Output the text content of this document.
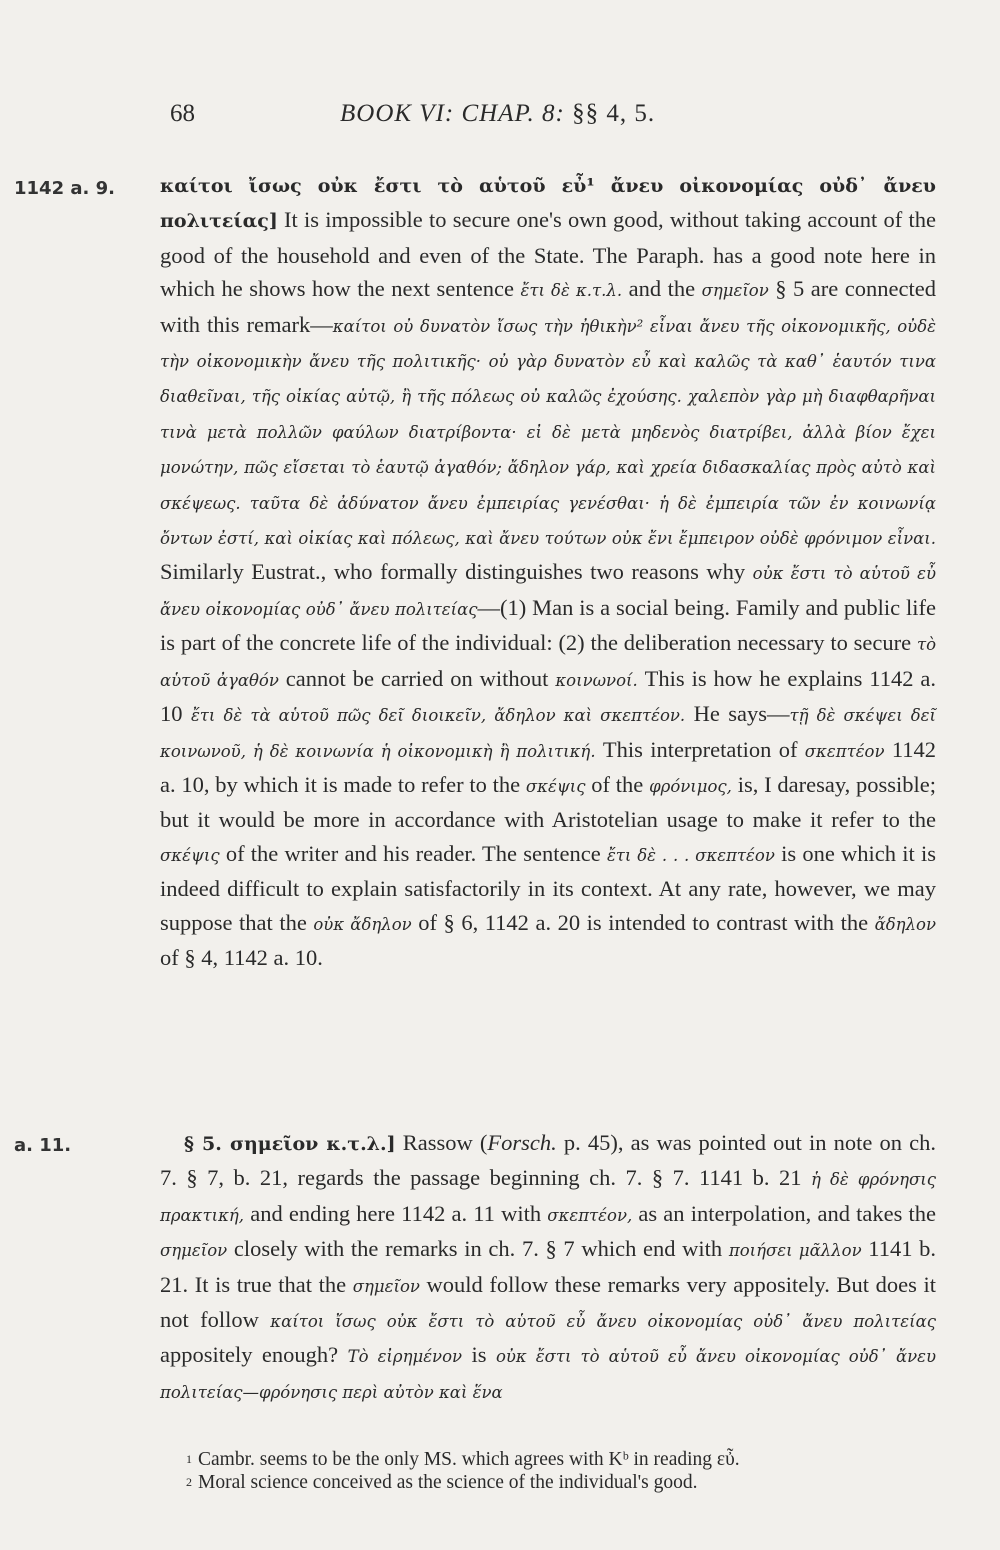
68	BOOK VI: CHAP. 8: §§ 4, 5.
1142 a. 9. καίτοι ἴσως οὐκ ἔστι τὸ αὑτοῦ εὖ¹ ἄνευ οἰκονομίας οὐδ᾽ ἄνευ πολιτείας] It is impossible to secure one's own good, without taking account of the good of the household and even of the State. The Paraph. has a good note here in which he shows how the next sentence ἔτι δὲ κ.τ.λ. and the σημεῖον § 5 are connected with this remark—καίτοι οὐ δυνατὸν ἴσως τὴν ἠθικὴν² εἶναι ἄνευ τῆς οἰκονομικῆς, οὐδὲ τὴν οἰκονομικὴν ἄνευ τῆς πολιτικῆς· οὐ γὰρ δυνατὸν εὖ καὶ καλῶς τὰ καθ᾽ ἑαυτόν τινα διαθεῖναι, τῆς οἰκίας αὐτῷ, ἢ τῆς πόλεως οὐ καλῶς ἐχούσης. χαλεπὸν γὰρ μὴ διαφθαρῆναι τινὰ μετὰ πολλῶν φαύλων διατρίβοντα· εἰ δὲ μετὰ μηδενὸς διατρίβει, ἀλλὰ βίον ἔχει μονώτην, πῶς εἴσεται τὸ ἑαυτῷ ἀγαθόν; ἄδηλον γάρ, καὶ χρεία διδασκαλίας πρὸς αὐτὸ καὶ σκέψεως. ταῦτα δὲ ἀδύνατον ἄνευ ἐμπειρίας γενέσθαι· ἡ δὲ ἐμπειρία τῶν ἐν κοινωνίᾳ ὄντων ἐστί, καὶ οἰκίας καὶ πόλεως, καὶ ἄνευ τούτων οὐκ ἔνι ἔμπειρον οὐδὲ φρόνιμον εἶναι. Similarly Eustrat., who formally distinguishes two reasons why οὐκ ἔστι τὸ αὑτοῦ εὖ ἄνευ οἰκονομίας οὐδ᾽ ἄνευ πολιτείας—(1) Man is a social being. Family and public life is part of the concrete life of the individual: (2) the deliberation necessary to secure τὸ αὑτοῦ ἀγαθόν cannot be carried on without κοινωνοί. This is how he explains 1142 a. 10 ἔτι δὲ τὰ αὑτοῦ πῶς δεῖ διοικεῖν, ἄδηλον καὶ σκεπτέον. He says—τῇ δὲ σκέψει δεῖ κοινωνοῦ, ἡ δὲ κοινωνία ἡ οἰκονομικὴ ἢ πολιτική. This interpretation of σκεπτέον 1142 a. 10, by which it is made to refer to the σκέψις of the φρόνιμος, is, I daresay, possible; but it would be more in accordance with Aristotelian usage to make it refer to the σκέψις of the writer and his reader. The sentence ἔτι δὲ . . . σκεπτέον is one which it is indeed difficult to explain satisfactorily in its context. At any rate, however, we may suppose that the οὐκ ἄδηλον of § 6, 1142 a. 20 is intended to contrast with the ἄδηλον of § 4, 1142 a. 10.
a. 11.	§ 5. σημεῖον κ.τ.λ.] Rassow (Forsch. p. 45), as was pointed out in note on ch. 7. § 7, b. 21, regards the passage beginning ch. 7. § 7. 1141 b. 21 ἡ δὲ φρόνησις πρακτική, and ending here 1142 a. 11 with σκεπτέον, as an interpolation, and takes the σημεῖον closely with the remarks in ch. 7. § 7 which end with ποιήσει μᾶλλον 1141 b. 21. It is true that the σημεῖον would follow these remarks very appositely. But does it not follow καίτοι ἴσως οὐκ ἔστι τὸ αὑτοῦ εὖ ἄνευ οἰκονομίας οὐδ᾽ ἄνευ πολιτείας appositely enough? Τὸ εἰρημένον is οὐκ ἔστι τὸ αὑτοῦ εὖ ἄνευ οἰκονομίας οὐδ᾽ ἄνευ πολιτείας—φρόνησις περὶ αὐτὸν καὶ ἕνα
$^1$ Cambr. seems to be the only MS. which agrees with Kᵇ in reading εὖ.
$^2$ Moral science conceived as the science of the individual's good.
